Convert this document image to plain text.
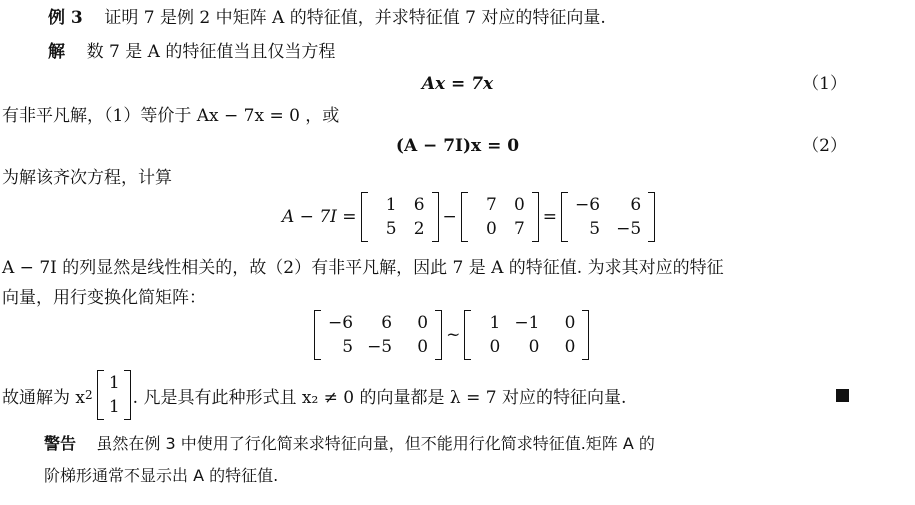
例 3 证明 7 是例 2 中矩阵 A 的特征值，并求特征值 7 对应的特征向量.
解 数 7 是 A 的特征值当且仅当方程
Ax = 7x	（1）
有非平凡解，（1）等价于 Ax − 7x = 0 ，或
(A − 7I)x = 0	（2）
为解该齐次方程，计算
A − 7I =
1	6
5	2
−
7	0
0	7
=
−6	6
5 −5
A − 7I 的列显然是线性相关的，故（2）有非平凡解，因此 7 是 A 的特征值. 为求其对应的特征
向量，用行变换化简矩阵：
−6	6	0
5 −5	0
~
1 −1	0
0	0	0
故通解为 x 2
1
1 . 凡是具有此种形式且 x₂ ≠ 0 的向量都是 λ = 7 对应的特征向量.
警告 虽然在例 3 中使用了行化简来求特征向量，但不能用行化简求特征值.矩阵 A 的
阶梯形通常不显示出 A 的特征值.
